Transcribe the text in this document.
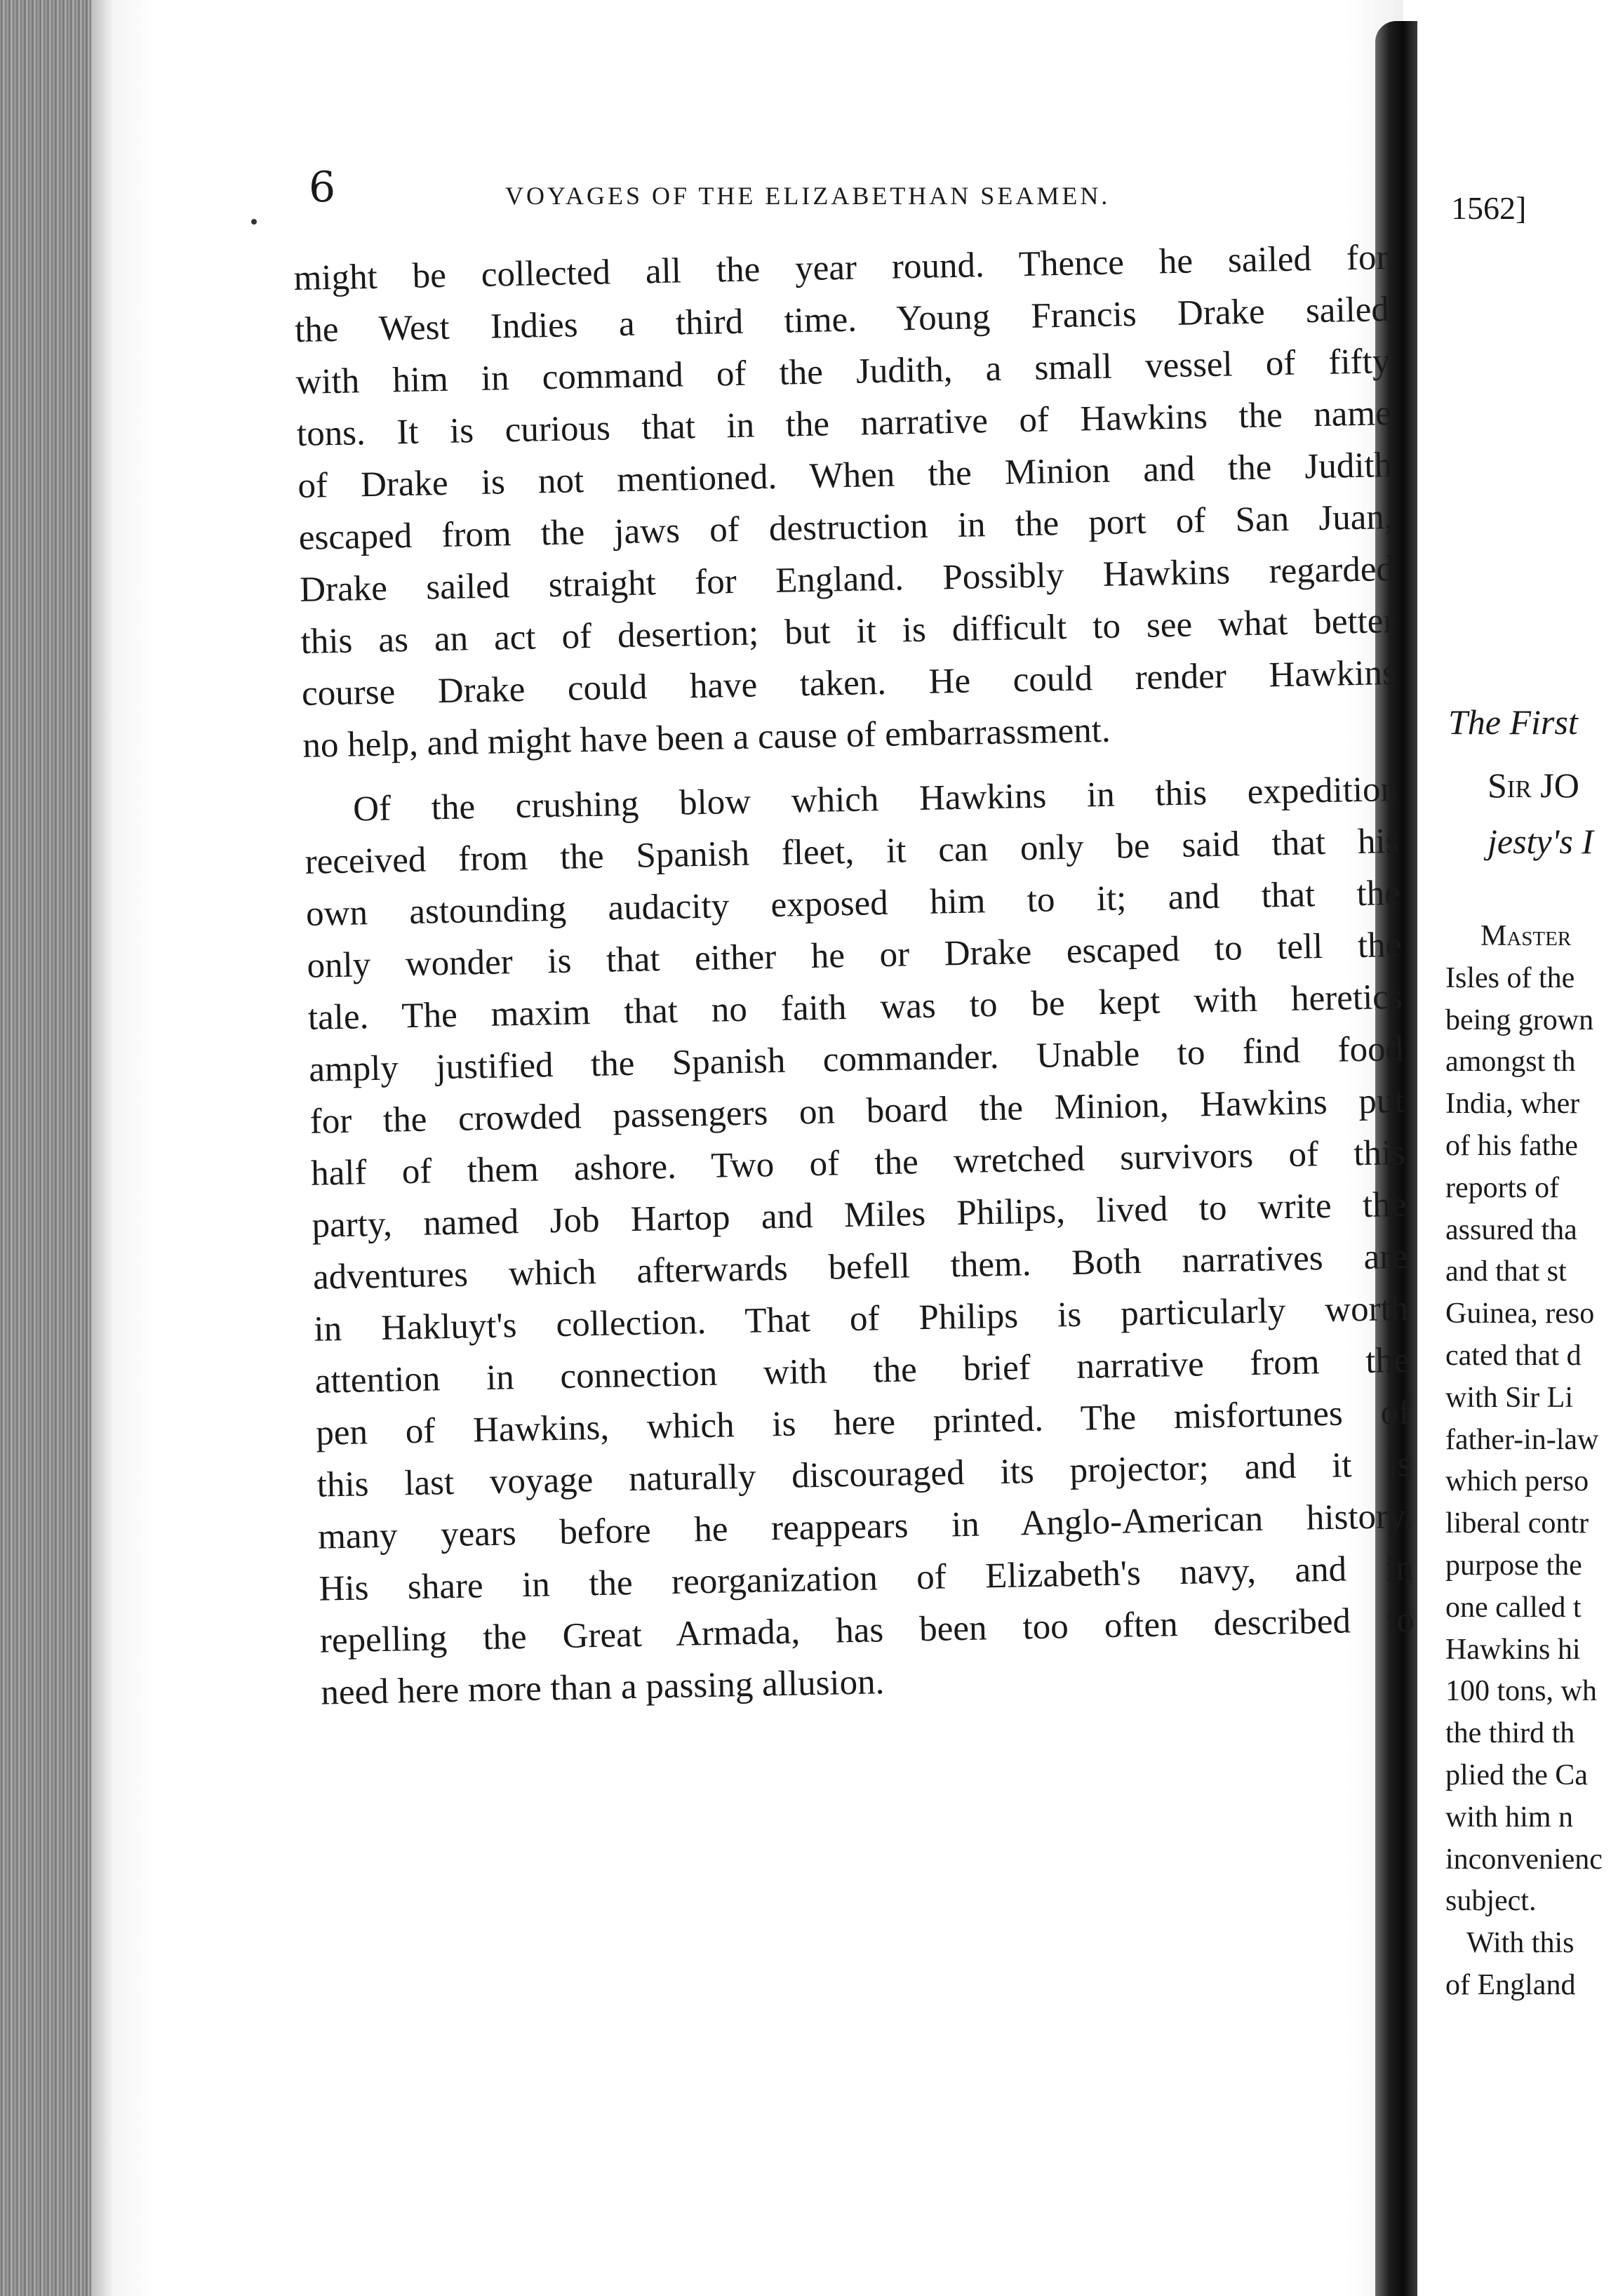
6	VOYAGES OF THE ELIZABETHAN SEAMEN.
might be collected all the year round. Thence he sailed for
the West Indies a third time. Young Francis Drake sailed
with him in command of the Judith, a small vessel of fifty
tons. It is curious that in the narrative of Hawkins the name
of Drake is not mentioned. When the Minion and the Judith
escaped from the jaws of destruction in the port of San Juan,
Drake sailed straight for England. Possibly Hawkins regarded
this as an act of desertion; but it is difficult to see what better
course Drake could have taken. He could render Hawkins
no help, and might have been a cause of embarrassment.
Of the crushing blow which Hawkins in this expedition
received from the Spanish fleet, it can only be said that his
own astounding audacity exposed him to it; and that the
only wonder is that either he or Drake escaped to tell the
tale. The maxim that no faith was to be kept with heretics
amply justified the Spanish commander. Unable to find food
for the crowded passengers on board the Minion, Hawkins put
half of them ashore. Two of the wretched survivors of this
party, named Job Hartop and Miles Philips, lived to write the
adventures which afterwards befell them. Both narratives are
in Hakluyt's collection. That of Philips is particularly worth
attention in connection with the brief narrative from the
pen of Hawkins, which is here printed. The misfortunes of
this last voyage naturally discouraged its projector; and it is
many years before he reappears in Anglo-American history.
His share in the reorganization of Elizabeth's navy, and in
repelling the Great Armada, has been too often described to
need here more than a passing allusion.
1562]
The First
Sir JO
jesty's I
Master
Isles of the
being grown
amongst th
India, wher
of his fathe
reports of
assured tha
and that st
Guinea, reso
cated that d
with Sir Li
father-in-law
which perso
liberal contr
purpose the
one called t
Hawkins hi
100 tons, wh
the third th
plied the Ca
with him n
inconvenienc
subject.
With this
of England
